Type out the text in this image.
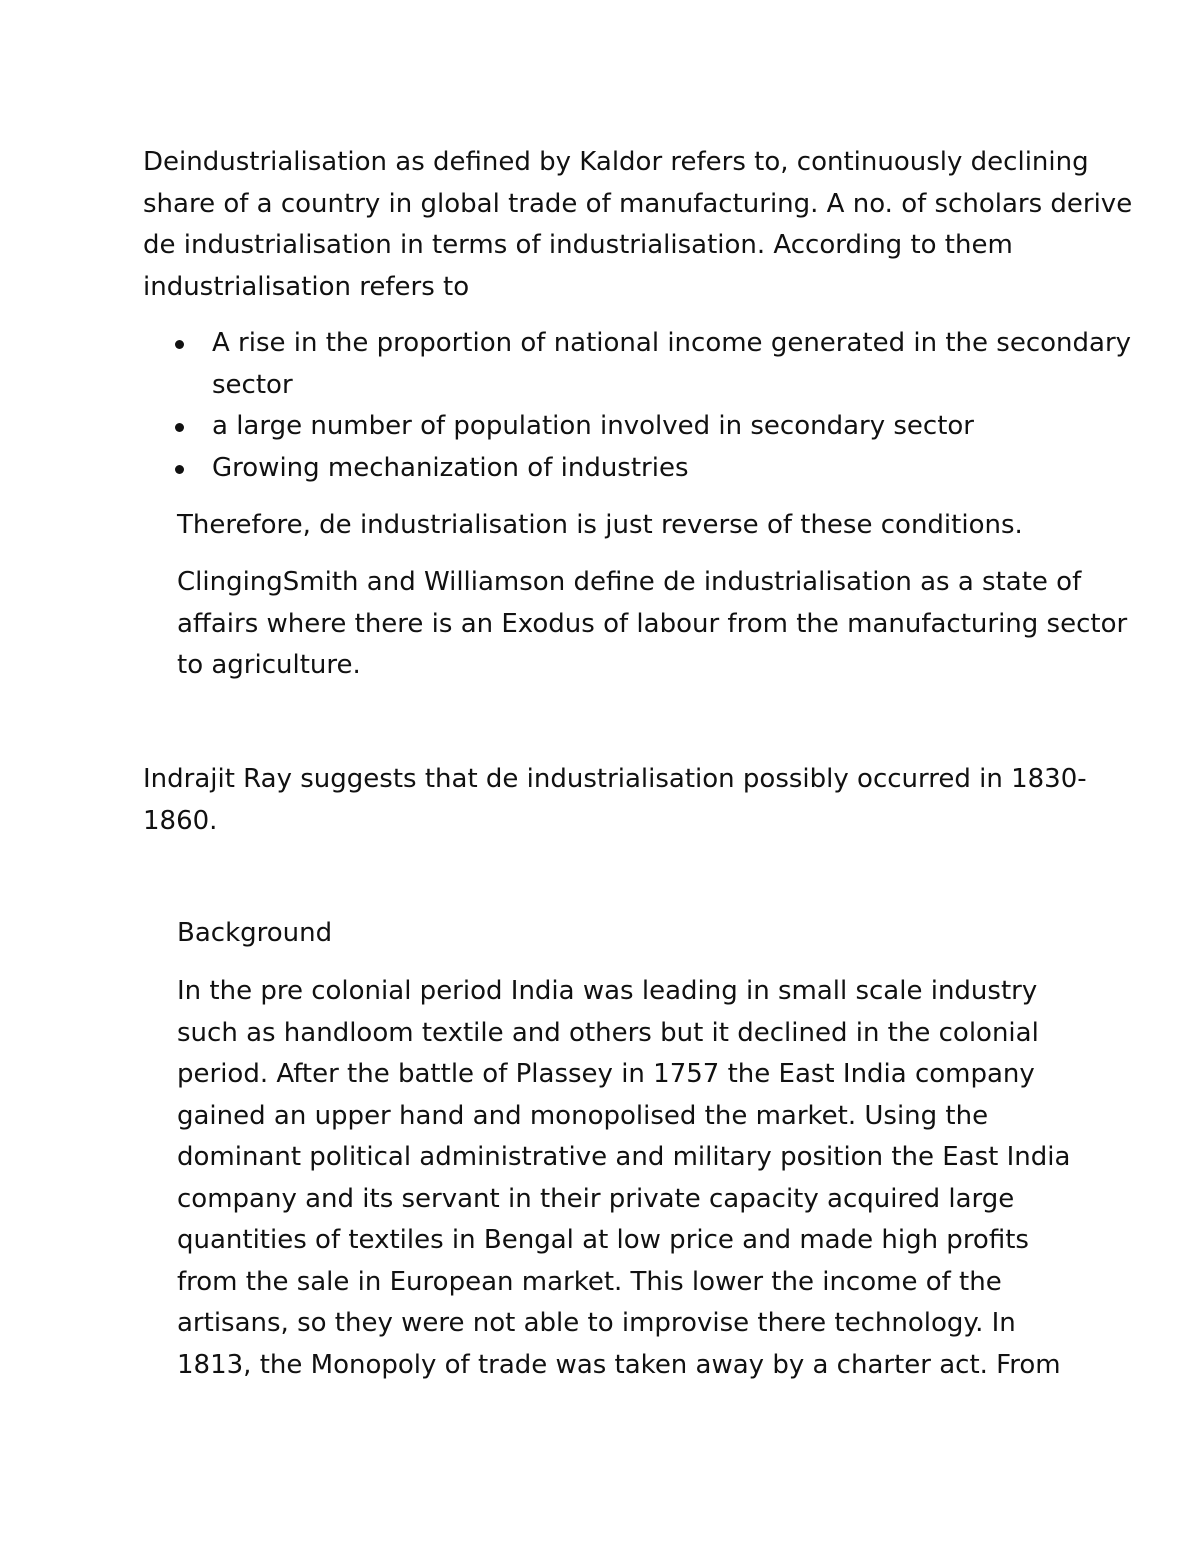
Deindustrialisation as defined by Kaldor refers to, continuously declining share of a country in global trade of manufacturing. A no. of scholars derive de industrialisation in terms of industrialisation. According to them industrialisation refers to

A rise in the proportion of national income generated in the secondary sector
a large number of population involved in secondary sector
Growing mechanization of industries

Therefore, de industrialisation is just reverse of these conditions.

ClingingSmith and Williamson define de industrialisation as a state of affairs where there is an Exodus of labour from the manufacturing sector to agriculture.

Indrajit Ray suggests that de industrialisation possibly occurred in 1830-1860.

Background

In the pre colonial period India was leading in small scale industry such as handloom textile and others but it declined in the colonial period. After the battle of Plassey in 1757 the East India company gained an upper hand and monopolised the market. Using the dominant political administrative and military position the East India company and its servant in their private capacity acquired large quantities of textiles in Bengal at low price and made high profits from the sale in European market. This lower the income of the artisans, so they were not able to improvise there technology. In 1813, the Monopoly of trade was taken away by a charter act. From
